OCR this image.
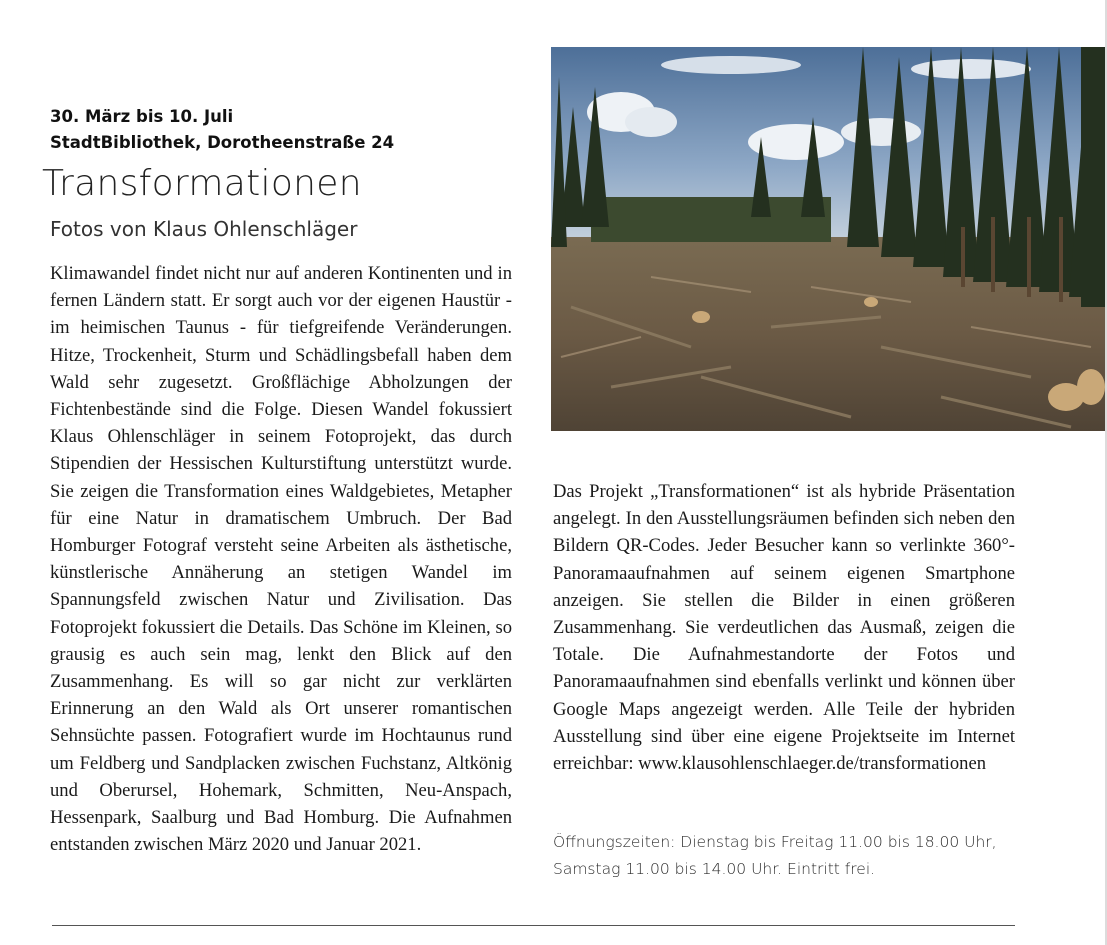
30. März bis 10. Juli
StadtBibliothek, Dorotheenstraße 24
Transformationen
Fotos von Klaus Ohlenschläger
Klimawandel findet nicht nur auf anderen Kontinenten und in fernen Ländern statt. Er sorgt auch vor der eigenen Haustür - im heimischen Taunus - für tiefgreifende Veränderungen. Hitze, Trockenheit, Sturm und Schädlingsbefall haben dem Wald sehr zugesetzt. Großflächige Abholzungen der Fichtenbestände sind die Folge. Diesen Wandel fokussiert Klaus Ohlenschläger in seinem Fotoprojekt, das durch Stipendien der Hessischen Kulturstiftung unterstützt wurde. Sie zeigen die Transformation eines Waldgebietes, Metapher für eine Natur in dramatischem Umbruch. Der Bad Homburger Fotograf versteht seine Arbeiten als ästhetische, künstlerische Annäherung an stetigen Wandel im Spannungsfeld zwischen Natur und Zivilisation. Das Fotoprojekt fokussiert die Details. Das Schöne im Kleinen, so grausig es auch sein mag, lenkt den Blick auf den Zusammenhang. Es will so gar nicht zur verklärten Erinnerung an den Wald als Ort unserer romantischen Sehnsüchte passen. Fotografiert wurde im Hochtaunus rund um Feldberg und Sandplacken zwischen Fuchstanz, Altkönig und Oberursel, Hohemark, Schmitten, Neu-Anspach, Hessenpark, Saalburg und Bad Homburg. Die Aufnahmen entstanden zwischen März 2020 und Januar 2021.
Das Projekt „Transformationen“ ist als hybride Präsentation angelegt. In den Ausstellungsräumen befinden sich neben den Bildern QR-Codes. Jeder Besucher kann so verlinkte 360°-Panoramaaufnahmen auf seinem eigenen Smartphone anzeigen. Sie stellen die Bilder in einen größeren Zusammenhang. Sie verdeutlichen das Ausmaß, zeigen die Totale. Die Aufnahmestandorte der Fotos und Panoramaaufnahmen sind ebenfalls verlinkt und können über Google Maps angezeigt werden. Alle Teile der hybriden Ausstellung sind über eine eigene Projektseite im Internet erreichbar: www.klausohlenschlaeger.de/transformationen
Öffnungszeiten: Dienstag bis Freitag 11.00 bis 18.00 Uhr,
Samstag 11.00 bis 14.00 Uhr. Eintritt frei.
